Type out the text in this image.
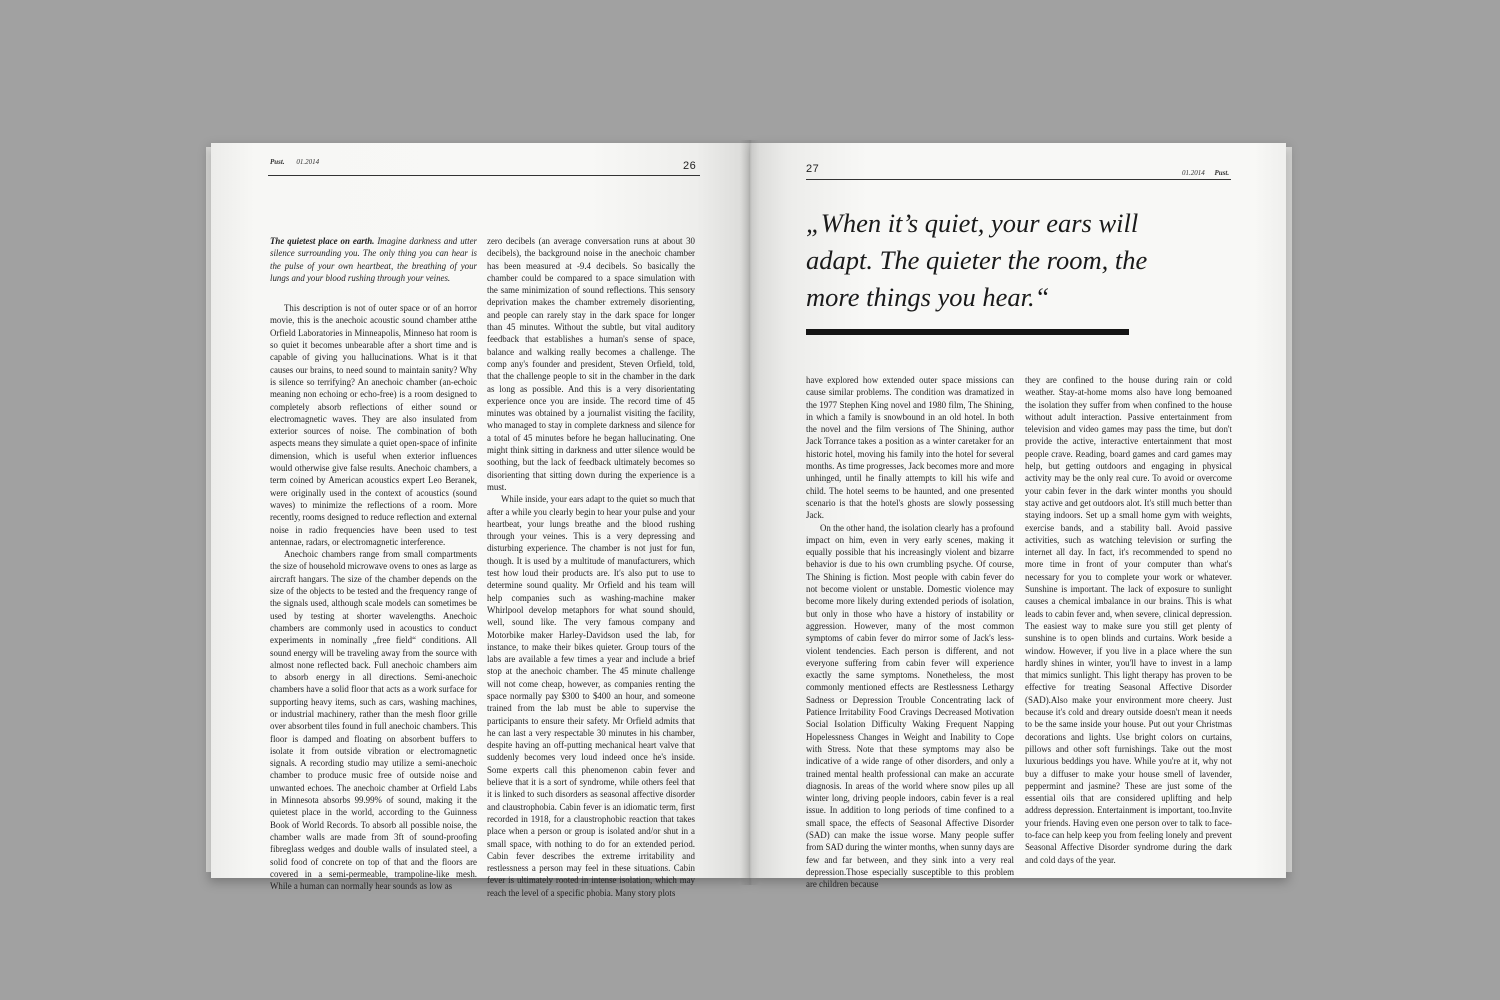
Pust. 01.2014	26	27	01.2014 Pust.

The quietest place on earth. Imagine darkness and utter silence surrounding you. The only thing you can hear is the pulse of your own heartbeat, the breathing of your lungs and your blood rushing through your veines.

This description is not of outer space or of an horror movie, this is the anechoic acoustic sound chamber atthe Orfield Laboratories in Minneapolis, Minneso hat room is so quiet it becomes unbearable after a short time and is capable of giving you hallucinations. What is it that causes our brains, to need sound to maintain sanity? Why is silence so terrifying? An anechoic chamber (an-echoic meaning non echoing or echo-free) is a room designed to completely absorb reflections of either sound or electromagnetic waves. They are also insulated from exterior sources of noise. The combination of both aspects means they simulate a quiet open-space of infinite dimension, which is useful when exterior influences would otherwise give false results. Anechoic chambers, a term coined by American acoustics expert Leo Beranek, were originally used in the context of acoustics (sound waves) to minimize the reflections of a room. More recently, rooms designed to reduce reflection and external noise in radio frequencies have been used to test antennae, radars, or electromagnetic interference.

Anechoic chambers range from small compartments the size of household microwave ovens to ones as large as aircraft hangars. The size of the chamber depends on the size of the objects to be tested and the frequency range of the signals used, although scale models can sometimes be used by testing at shorter wavelengths. Anechoic chambers are commonly used in acoustics to conduct experiments in nominally „free field“ conditions. All sound energy will be traveling away from the source with almost none reflected back. Full anechoic chambers aim to absorb energy in all directions. Semi-anechoic chambers have a solid floor that acts as a work surface for supporting heavy items, such as cars, washing machines, or industrial machinery, rather than the mesh floor grille over absorbent tiles found in full anechoic chambers. This floor is damped and floating on absorbent buffers to isolate it from outside vibration or electromagnetic signals. A recording studio may utilize a semi-anechoic chamber to produce music free of outside noise and unwanted echoes. The anechoic chamber at Orfield Labs in Minnesota absorbs 99.99% of sound, making it the quietest place in the world, according to the Guinness Book of World Records. To absorb all possible noise, the chamber walls are made from 3ft of sound-proofing fibreglass wedges and double walls of insulated steel, a solid food of concrete on top of that and the floors are covered in a semi-permeable, trampoline-like mesh. While a human can normally hear sounds as low as

zero decibels (an average conversation runs at about 30 decibels), the background noise in the anechoic chamber has been measured at -9.4 decibels. So basically the chamber could be compared to a space simulation with the same minimization of sound reflections. This sensory deprivation makes the chamber extremely disorienting, and people can rarely stay in the dark space for longer than 45 minutes. Without the subtle, but vital auditory feedback that establishes a human's sense of space, balance and walking really becomes a challenge. The comp any's founder and president, Steven Orfield, told, that the challenge people to sit in the chamber in the dark as long as possible. And this is a very disorientating experience once you are inside. The record time of 45 minutes was obtained by a journalist visiting the facility, who managed to stay in complete darkness and silence for a total of 45 minutes before he began hallucinating. One might think sitting in darkness and utter silence would be soothing, but the lack of feedback ultimately becomes so disorienting that sitting down during the experience is a must.

While inside, your ears adapt to the quiet so much that after a while you clearly begin to hear your pulse and your heartbeat, your lungs breathe and the blood rushing through your veines. This is a very depressing and disturbing experience. The chamber is not just for fun, though. It is used by a multitude of manufacturers, which test how loud their products are. It's also put to use to determine sound quality. Mr Orfield and his team will help companies such as washing-machine maker Whirlpool develop metaphors for what sound should, well, sound like. The very famous company and Motorbike maker Harley-Davidson used the lab, for instance, to make their bikes quieter. Group tours of the labs are available a few times a year and include a brief stop at the anechoic chamber. The 45 minute challenge will not come cheap, however, as companies renting the space normally pay $300 to $400 an hour, and someone trained from the lab must be able to supervise the participants to ensure their safety. Mr Orfield admits that he can last a very respectable 30 minutes in his chamber, despite having an off-putting mechanical heart valve that suddenly becomes very loud indeed once he's inside. Some experts call this phenomenon cabin fever and believe that it is a sort of syndrome, while others feel that it is linked to such disorders as seasonal affective disorder and claustrophobia. Cabin fever is an idiomatic term, first recorded in 1918, for a claustrophobic reaction that takes place when a person or group is isolated and/or shut in a small space, with nothing to do for an extended period. Cabin fever describes the extreme irritability and restlessness a person may feel in these situations. Cabin fever is ultimately rooted in intense isolation, which may reach the level of a specific phobia. Many story plots

„When it’s quiet, your ears will adapt. The quieter the room, the more things you hear.“

have explored how extended outer space missions can cause similar problems. The condition was dramatized in the 1977 Stephen King novel and 1980 film, The Shining, in which a family is snowbound in an old hotel. In both the novel and the film versions of The Shining, author Jack Torrance takes a position as a winter caretaker for an historic hotel, moving his family into the hotel for several months. As time progresses, Jack becomes more and more unhinged, until he finally attempts to kill his wife and child. The hotel seems to be haunted, and one presented scenario is that the hotel's ghosts are slowly possessing Jack.

On the other hand, the isolation clearly has a profound impact on him, even in very early scenes, making it equally possible that his increasingly violent and bizarre behavior is due to his own crumbling psyche. Of course, The Shining is fiction. Most people with cabin fever do not become violent or unstable. Domestic violence may become more likely during extended periods of isolation, but only in those who have a history of instability or aggression. However, many of the most common symptoms of cabin fever do mirror some of Jack's less-violent tendencies. Each person is different, and not everyone suffering from cabin fever will experience exactly the same symptoms. Nonetheless, the most commonly mentioned effects are Restlessness Lethargy Sadness or Depression Trouble Concentrating lack of Patience Irritability Food Cravings Decreased Motivation Social Isolation Difficulty Waking Frequent Napping Hopelessness Changes in Weight and Inability to Cope with Stress. Note that these symptoms may also be indicative of a wide range of other disorders, and only a trained mental health professional can make an accurate diagnosis. In areas of the world where snow piles up all winter long, driving people indoors, cabin fever is a real issue. In addition to long periods of time confined to a small space, the effects of Seasonal Affective Disorder (SAD) can make the issue worse. Many people suffer from SAD during the winter months, when sunny days are few and far between, and they sink into a very real depression.Those especially susceptible to this problem are children because

they are confined to the house during rain or cold weather. Stay-at-home moms also have long bemoaned the isolation they suffer from when confined to the house without adult interaction. Passive entertainment from television and video games may pass the time, but don't provide the active, interactive entertainment that most people crave. Reading, board games and card games may help, but getting outdoors and engaging in physical activity may be the only real cure. To avoid or overcome your cabin fever in the dark winter months you should stay active and get outdoors alot. It's still much better than staying indoors. Set up a small home gym with weights, exercise bands, and a stability ball. Avoid passive activities, such as watching television or surfing the internet all day. In fact, it's recommended to spend no more time in front of your computer than what's necessary for you to complete your work or whatever. Sunshine is important. The lack of exposure to sunlight causes a chemical imbalance in our brains. This is what leads to cabin fever and, when severe, clinical depression. The easiest way to make sure you still get plenty of sunshine is to open blinds and curtains. Work beside a window. However, if you live in a place where the sun hardly shines in winter, you'll have to invest in a lamp that mimics sunlight. This light therapy has proven to be effective for treating Seasonal Affective Disorder (SAD).Also make your environment more cheery. Just because it's cold and dreary outside doesn't mean it needs to be the same inside your house. Put out your Christmas decorations and lights. Use bright colors on curtains, pillows and other soft furnishings. Take out the most luxurious beddings you have. While you're at it, why not buy a diffuser to make your house smell of lavender, peppermint and jasmine? These are just some of the essential oils that are considered uplifting and help address depression. Entertainment is important, too.Invite your friends. Having even one person over to talk to face-to-face can help keep you from feeling lonely and prevent Seasonal Affective Disorder syndrome during the dark and cold days of the year.
